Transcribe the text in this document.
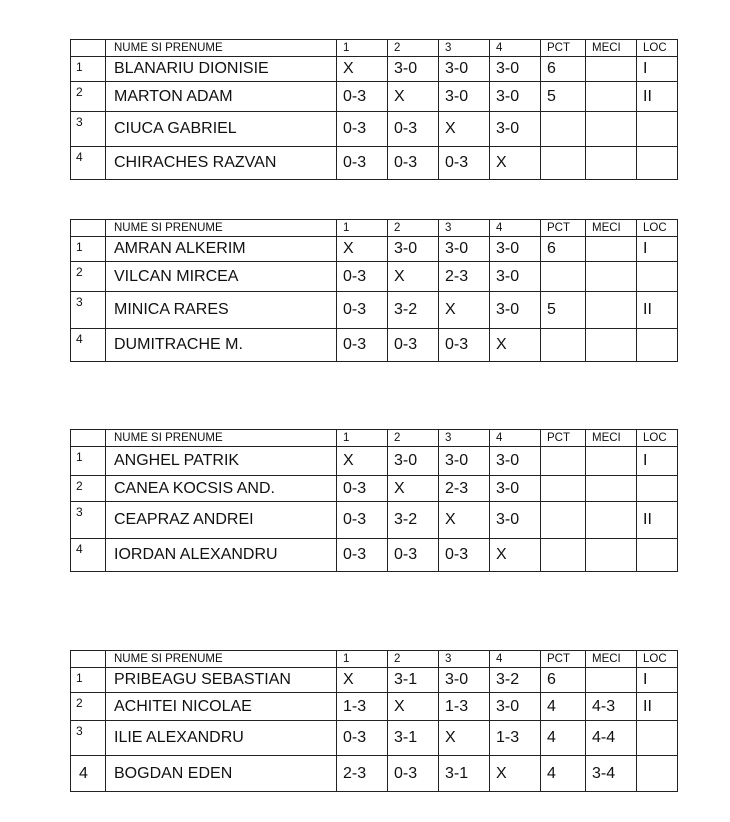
	NUME SI PRENUME	1	2	3	4	PCT	MECI	LOC
1	BLANARIU DIONISIE	X	3-0	3-0	3-0	6		I
2	MARTON ADAM	0-3	X	3-0	3-0	5		II
3	CIUCA GABRIEL	0-3	0-3	X	3-0			
4	CHIRACHES RAZVAN	0-3	0-3	0-3	X			
	NUME SI PRENUME	1	2	3	4	PCT	MECI	LOC
1	AMRAN ALKERIM	X	3-0	3-0	3-0	6		I
2	VILCAN MIRCEA	0-3	X	2-3	3-0			
3	MINICA RARES	0-3	3-2	X	3-0	5		II
4	DUMITRACHE M.	0-3	0-3	0-3	X			
	NUME SI PRENUME	1	2	3	4	PCT	MECI	LOC
1	ANGHEL PATRIK	X	3-0	3-0	3-0			I
2	CANEA KOCSIS AND.	0-3	X	2-3	3-0			
3	CEAPRAZ ANDREI	0-3	3-2	X	3-0			II
4	IORDAN ALEXANDRU	0-3	0-3	0-3	X			
	NUME SI PRENUME	1	2	3	4	PCT	MECI	LOC
1	PRIBEAGU SEBASTIAN	X	3-1	3-0	3-2	6		I
2	ACHITEI NICOLAE	1-3	X	1-3	3-0	4	4-3	II
3	ILIE ALEXANDRU	0-3	3-1	X	1-3	4	4-4	
4	BOGDAN EDEN	2-3	0-3	3-1	X	4	3-4	
